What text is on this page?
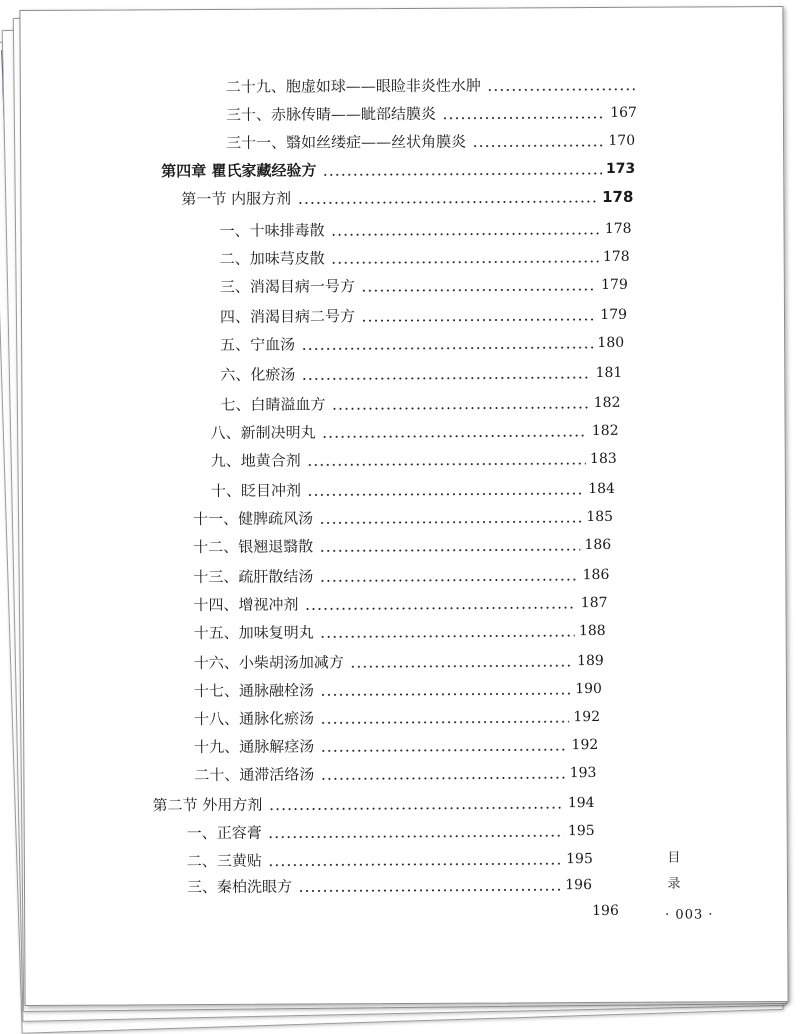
二十九、胞虚如球——眼睑非炎性水肿
三十、赤脉传睛——眦部结膜炎	167
三十一、翳如丝缕症——丝状角膜炎	170
第四章 瞿氏家藏经验方	173
第一节 内服方剂	178
一、十味排毒散	178
二、加味芎皮散	178
三、消渴目病一号方	179
四、消渴目病二号方	179
五、宁血汤	180
六、化瘀汤	181
七、白睛溢血方	182
八、新制决明丸	182
九、地黄合剂	183
十、眨目冲剂	184
十一、健脾疏风汤	185
十二、银翘退翳散	186
十三、疏肝散结汤	186
十四、增视冲剂	187
十五、加味复明丸	188
十六、小柴胡汤加减方	189
十七、通脉融栓汤	190
十八、通脉化瘀汤	192
十九、通脉解痉汤	192
二十、通滞活络汤	193
第二节 外用方剂	194
一、正容膏	195
二、三黄贴	195
三、秦柏洗眼方	196
196
目
录
· 003 ·
